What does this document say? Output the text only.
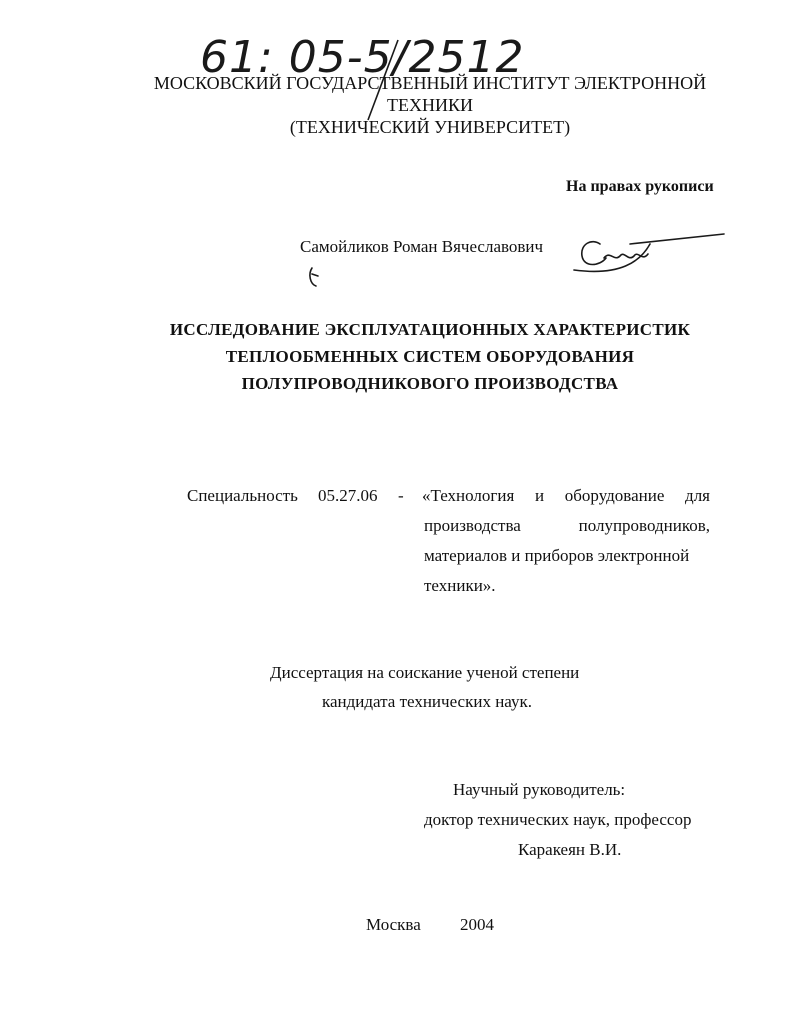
61: 05-5/2512
МОСКОВСКИЙ ГОСУДАРСТВЕННЫЙ ИНСТИТУТ ЭЛЕКТРОННОЙ
ТЕХНИКИ
(ТЕХНИЧЕСКИЙ УНИВЕРСИТЕТ)
На правах рукописи
Самойликов Роман Вячеславович
ИССЛЕДОВАНИЕ ЭКСПЛУАТАЦИОННЫХ ХАРАКТЕРИСТИК
ТЕПЛООБМЕННЫХ СИСТЕМ ОБОРУДОВАНИЯ
ПОЛУПРОВОДНИКОВОГО ПРОИЗВОДСТВА
Специальность 05.27.06 - «Технология и оборудование для
производства полупроводников,
материалов и приборов электронной
техники».
Диссертация на соискание ученой степени
кандидата технических наук.
Научный руководитель:
доктор технических наук, профессор
Каракеян В.И.
Москва 2004
